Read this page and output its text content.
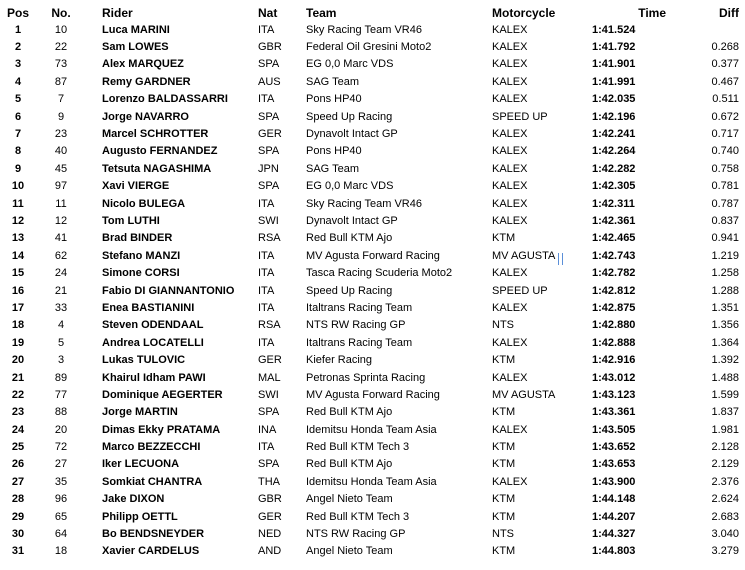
Pos	No.	Rider	Nat	Team	Motorcycle	Time	Diff
1	10	Luca MARINI	ITA	Sky Racing Team VR46	KALEX	1:41.524	
2	22	Sam LOWES	GBR	Federal Oil Gresini Moto2	KALEX	1:41.792	0.268
3	73	Alex MARQUEZ	SPA	EG 0,0 Marc VDS	KALEX	1:41.901	0.377
4	87	Remy GARDNER	AUS	SAG Team	KALEX	1:41.991	0.467
5	7	Lorenzo BALDASSARRI	ITA	Pons HP40	KALEX	1:42.035	0.511
6	9	Jorge NAVARRO	SPA	Speed Up Racing	SPEED UP	1:42.196	0.672
7	23	Marcel SCHROTTER	GER	Dynavolt Intact GP	KALEX	1:42.241	0.717
8	40	Augusto FERNANDEZ	SPA	Pons HP40	KALEX	1:42.264	0.740
9	45	Tetsuta NAGASHIMA	JPN	SAG Team	KALEX	1:42.282	0.758
10	97	Xavi VIERGE	SPA	EG 0,0 Marc VDS	KALEX	1:42.305	0.781
11	11	Nicolo BULEGA	ITA	Sky Racing Team VR46	KALEX	1:42.311	0.787
12	12	Tom LUTHI	SWI	Dynavolt Intact GP	KALEX	1:42.361	0.837
13	41	Brad BINDER	RSA	Red Bull KTM Ajo	KTM	1:42.465	0.941
14	62	Stefano MANZI	ITA	MV Agusta Forward Racing	MV AGUSTA	1:42.743	1.219
15	24	Simone CORSI	ITA	Tasca Racing Scuderia Moto2	KALEX	1:42.782	1.258
16	21	Fabio DI GIANNANTONIO	ITA	Speed Up Racing	SPEED UP	1:42.812	1.288
17	33	Enea BASTIANINI	ITA	Italtrans Racing Team	KALEX	1:42.875	1.351
18	4	Steven ODENDAAL	RSA	NTS RW Racing GP	NTS	1:42.880	1.356
19	5	Andrea LOCATELLI	ITA	Italtrans Racing Team	KALEX	1:42.888	1.364
20	3	Lukas TULOVIC	GER	Kiefer Racing	KTM	1:42.916	1.392
21	89	Khairul Idham PAWI	MAL	Petronas Sprinta Racing	KALEX	1:43.012	1.488
22	77	Dominique AEGERTER	SWI	MV Agusta Forward Racing	MV AGUSTA	1:43.123	1.599
23	88	Jorge MARTIN	SPA	Red Bull KTM Ajo	KTM	1:43.361	1.837
24	20	Dimas Ekky PRATAMA	INA	Idemitsu Honda Team Asia	KALEX	1:43.505	1.981
25	72	Marco BEZZECCHI	ITA	Red Bull KTM Tech 3	KTM	1:43.652	2.128
26	27	Iker LECUONA	SPA	Red Bull KTM Ajo	KTM	1:43.653	2.129
27	35	Somkiat CHANTRA	THA	Idemitsu Honda Team Asia	KALEX	1:43.900	2.376
28	96	Jake DIXON	GBR	Angel Nieto Team	KTM	1:44.148	2.624
29	65	Philipp OETTL	GER	Red Bull KTM Tech 3	KTM	1:44.207	2.683
30	64	Bo BENDSNEYDER	NED	NTS RW Racing GP	NTS	1:44.327	3.040
31	18	Xavier CARDELUS	AND	Angel Nieto Team	KTM	1:44.803	3.279
